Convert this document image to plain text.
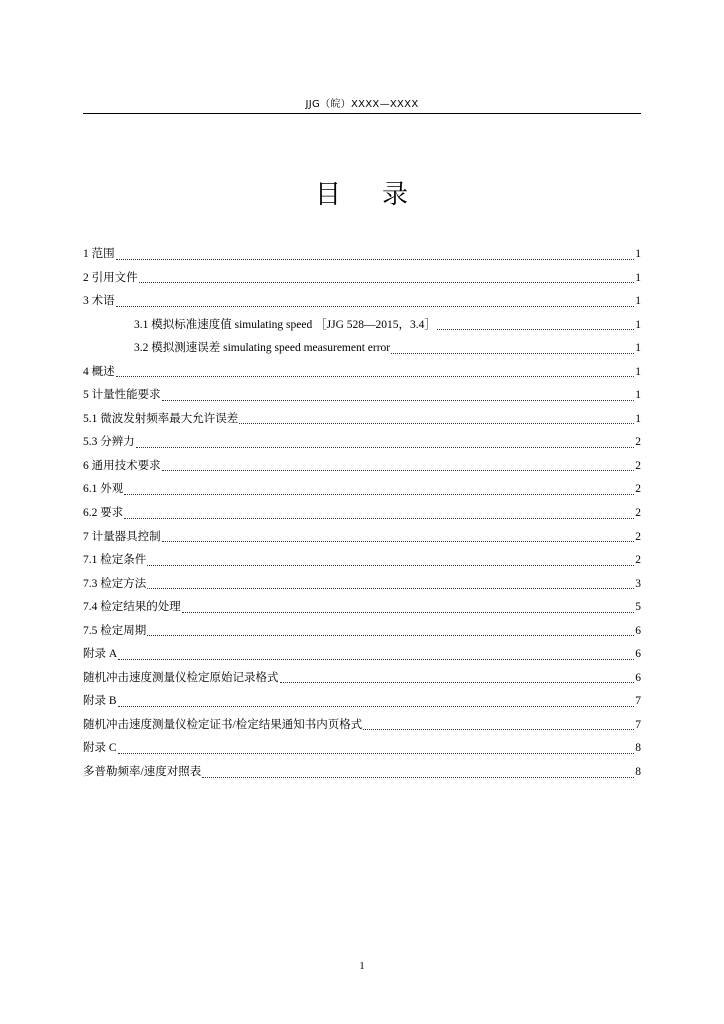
JJG（皖）XXXX—XXXX
目 录
1 范围	1
2 引用文件	1
3 术语	1
3.1 模拟标准速度值 simulating speed ［JJG 528—2015，3.4］	1
3.2 模拟测速误差 simulating speed measurement error	1
4 概述	1
5 计量性能要求	1
5.1 微波发射频率最大允许误差	1
5.3 分辨力	2
6 通用技术要求	2
6.1 外观	2
6.2 要求	2
7 计量器具控制	2
7.1 检定条件	2
7.3 检定方法	3
7.4 检定结果的处理	5
7.5 检定周期	6
附录 A	6
随机冲击速度测量仪检定原始记录格式	6
附录 B	7
随机冲击速度测量仪检定证书/检定结果通知书内页格式	7
附录 C	8
多普勒频率/速度对照表	8
1
